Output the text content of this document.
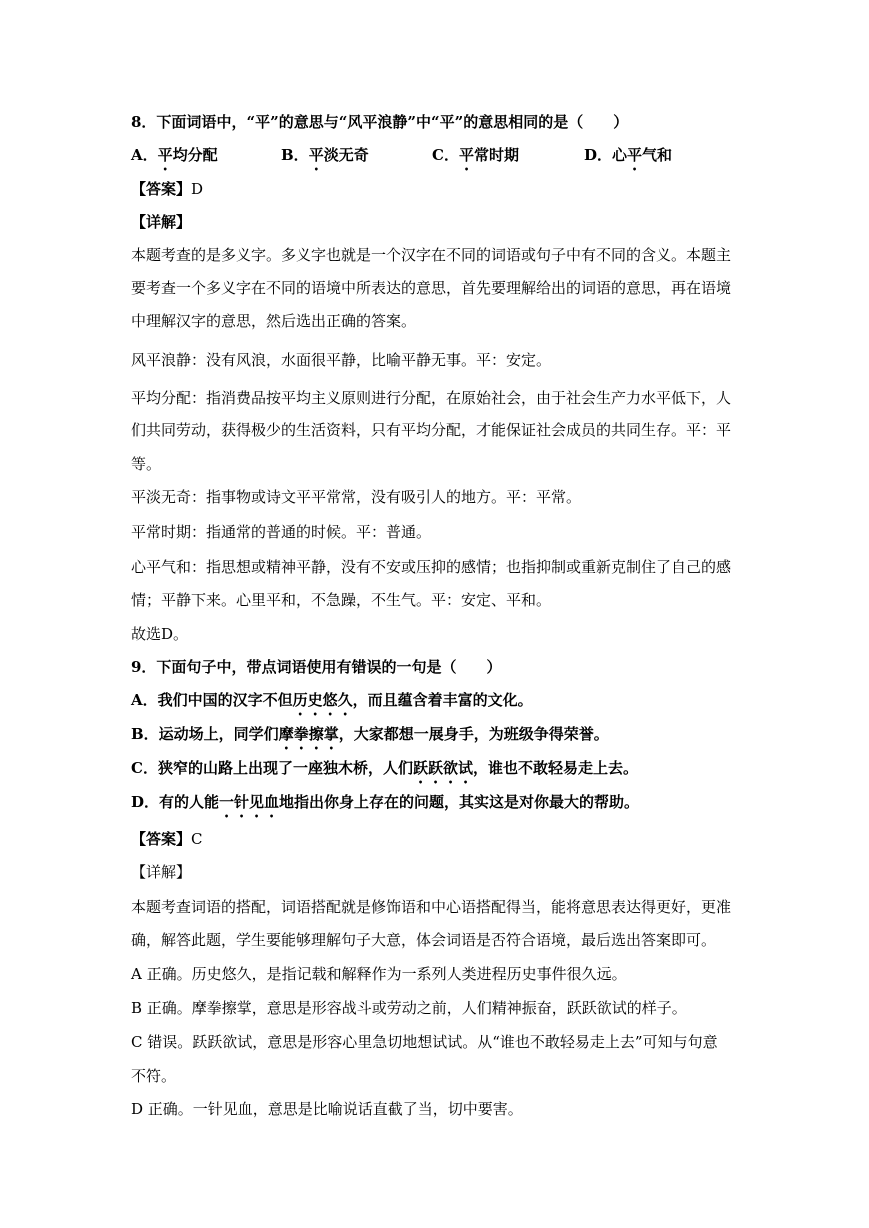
8．下面词语中，“平”的意思与“风平浪静”中“平”的意思相同的是（　　）
A．平均分配	B．平淡无奇	C．平常时期	D．心平气和
【答案】D
【详解】
本题考查的是多义字。多义字也就是一个汉字在不同的词语或句子中有不同的含义。本题主
要考查一个多义字在不同的语境中所表达的意思，首先要理解给出的词语的意思，再在语境
中理解汉字的意思，然后选出正确的答案。
风平浪静：没有风浪，水面很平静，比喻平静无事。平：安定。
平均分配：指消费品按平均主义原则进行分配，在原始社会，由于社会生产力水平低下，人
们共同劳动，获得极少的生活资料，只有平均分配，才能保证社会成员的共同生存。平：平
等。
平淡无奇：指事物或诗文平平常常，没有吸引人的地方。平：平常。
平常时期：指通常的普通的时候。平：普通。
心平气和：指思想或精神平静，没有不安或压抑的感情；也指抑制或重新克制住了自己的感
情；平静下来。心里平和，不急躁，不生气。平：安定、平和。
故选D。
9．下面句子中，带点词语使用有错误的一句是（　　）
A．我们中国的汉字不但历史悠久，而且蕴含着丰富的文化。
B．运动场上，同学们摩拳擦掌，大家都想一展身手，为班级争得荣誉。
C．狭窄的山路上出现了一座独木桥，人们跃跃欲试，谁也不敢轻易走上去。
D．有的人能一针见血地指出你身上存在的问题，其实这是对你最大的帮助。
【答案】C
【详解】
本题考查词语的搭配，词语搭配就是修饰语和中心语搭配得当，能将意思表达得更好，更准
确，解答此题，学生要能够理解句子大意，体会词语是否符合语境，最后选出答案即可。
A 正确。历史悠久，是指记载和解释作为一系列人类进程历史事件很久远。
B 正确。摩拳擦掌，意思是形容战斗或劳动之前，人们精神振奋，跃跃欲试的样子。
C 错误。跃跃欲试，意思是形容心里急切地想试试。从“谁也不敢轻易走上去”可知与句意
不符。
D 正确。一针见血，意思是比喻说话直截了当，切中要害。
